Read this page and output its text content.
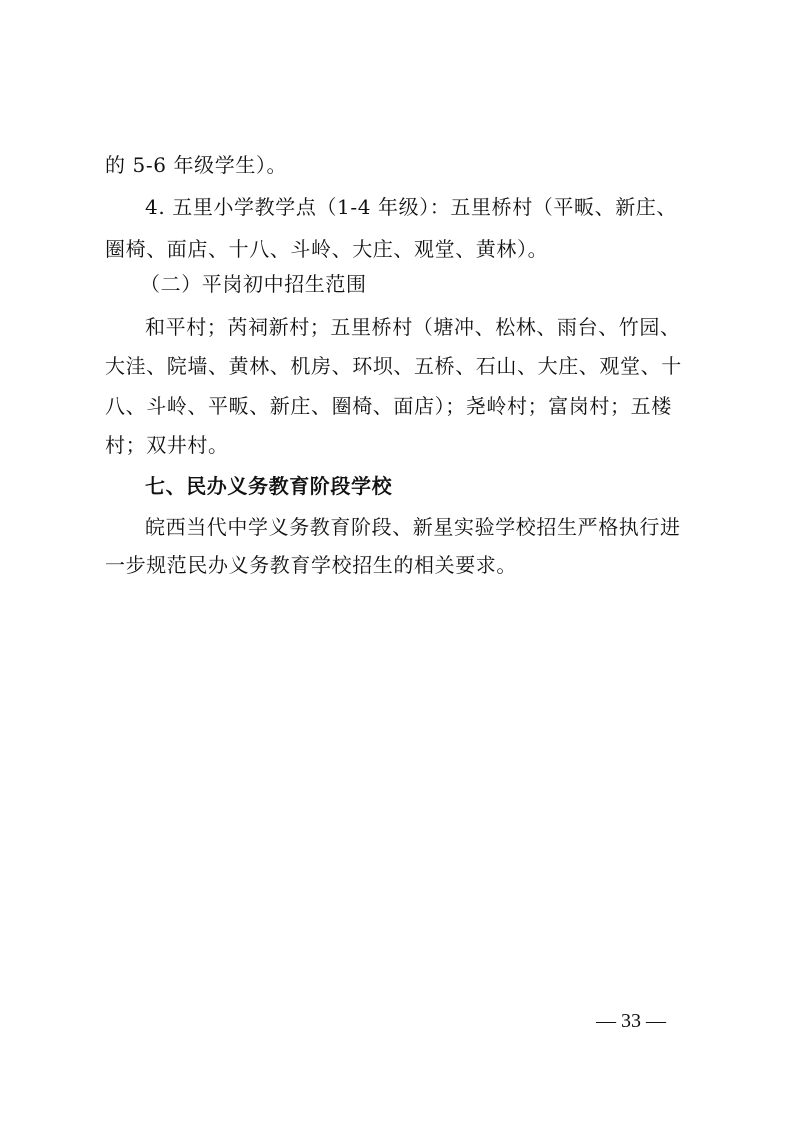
的 5-6 年级学生）。
4. 五里小学教学点（1-4 年级）：五里桥村（平畈、新庄、
圈椅、面店、十八、斗岭、大庄、观堂、黄林）。
（二）平岗初中招生范围
和平村；芮祠新村；五里桥村（塘冲、松林、雨台、竹园、
大洼、院墙、黄林、机房、环坝、五桥、石山、大庄、观堂、十
八、斗岭、平畈、新庄、圈椅、面店）；尧岭村；富岗村；五楼
村；双井村。
七、民办义务教育阶段学校
皖西当代中学义务教育阶段、新星实验学校招生严格执行进
一步规范民办义务教育学校招生的相关要求。
— 33 —
